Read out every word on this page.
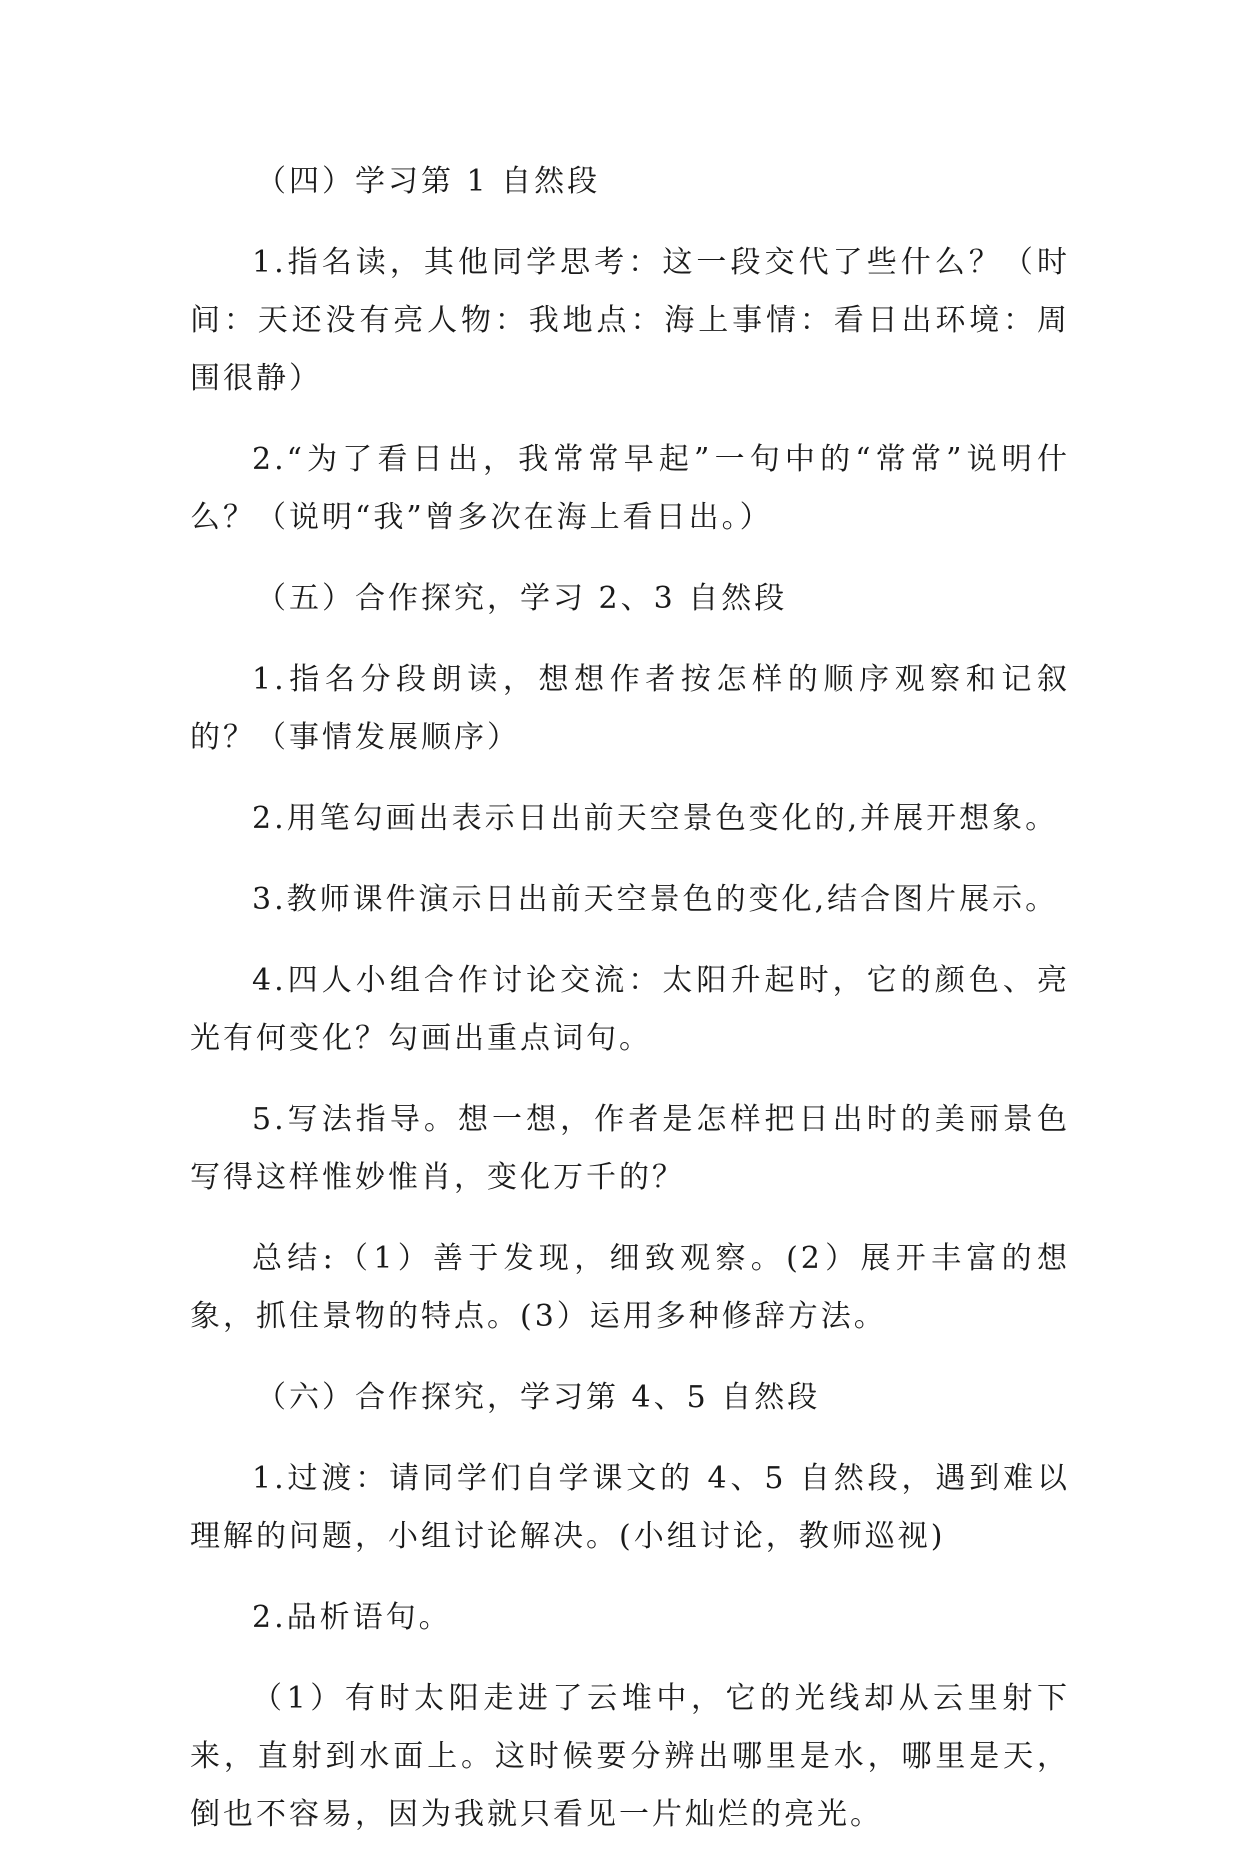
（四）学习第 1 自然段

1.指名读，其他同学思考：这一段交代了些什么？（时间：天还没有亮人物：我地点：海上事情：看日出环境：周围很静）

2.“为了看日出，我常常早起”一句中的“常常”说明什么？（说明“我”曾多次在海上看日出。）

（五）合作探究，学习 2、3 自然段

1.指名分段朗读，想想作者按怎样的顺序观察和记叙的？（事情发展顺序）

2.用笔勾画出表示日出前天空景色变化的,并展开想象。

3.教师课件演示日出前天空景色的变化,结合图片展示。

4.四人小组合作讨论交流：太阳升起时，它的颜色、亮光有何变化？勾画出重点词句。

5.写法指导。想一想，作者是怎样把日出时的美丽景色写得这样惟妙惟肖，变化万千的？

总结:（1）善于发现，细致观察。(2）展开丰富的想象，抓住景物的特点。(3）运用多种修辞方法。

（六）合作探究，学习第 4、5 自然段

1.过渡：请同学们自学课文的 4、5 自然段，遇到难以理解的问题，小组讨论解决。(小组讨论，教师巡视)

2.品析语句。

（1）有时太阳走进了云堆中，它的光线却从云里射下来，直射到水面上。这时候要分辨出哪里是水，哪里是天，倒也不容易，因为我就只看见一片灿烂的亮光。
